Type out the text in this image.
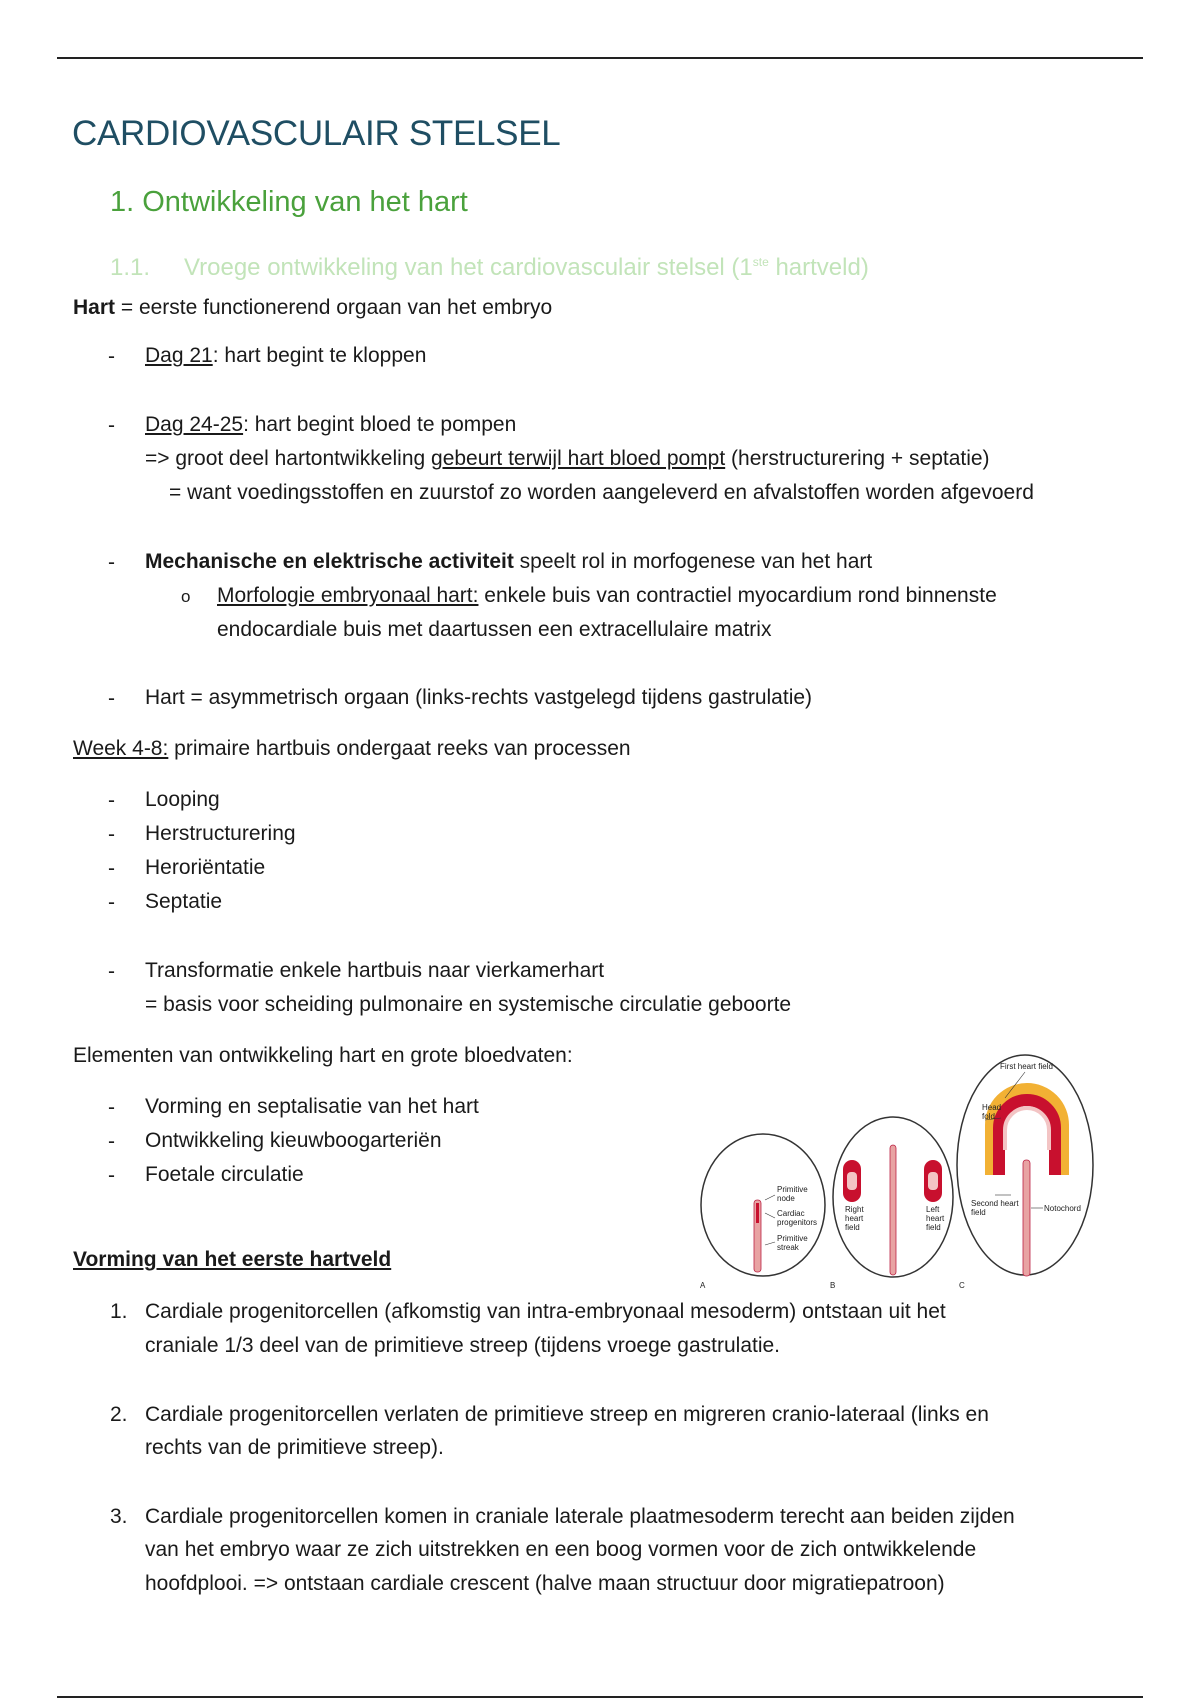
CARDIOVASCULAIR STELSEL
1. Ontwikkeling van het hart
1.1. Vroege ontwikkeling van het cardiovasculair stelsel (1ste hartveld)
Hart = eerste functionerend orgaan van het embryo
- Dag 21: hart begint te kloppen
- Dag 24-25: hart begint bloed te pompen
=> groot deel hartontwikkeling gebeurt terwijl hart bloed pompt (herstructurering + septatie)
= want voedingsstoffen en zuurstof zo worden aangeleverd en afvalstoffen worden afgevoerd
- Mechanische en elektrische activiteit speelt rol in morfogenese van het hart
o Morfologie embryonaal hart: enkele buis van contractiel myocardium rond binnenste
endocardiale buis met daartussen een extracellulaire matrix
- Hart = asymmetrisch orgaan (links-rechts vastgelegd tijdens gastrulatie)
Week 4-8: primaire hartbuis ondergaat reeks van processen
- Looping
- Herstructurering
- Heroriëntatie
- Septatie
- Transformatie enkele hartbuis naar vierkamerhart
= basis voor scheiding pulmonaire en systemische circulatie geboorte
Elementen van ontwikkeling hart en grote bloedvaten:
- Vorming en septalisatie van het hart
- Ontwikkeling kieuwboogarteriën
- Foetale circulatie
Vorming van het eerste hartveld
Primitive node
Cardiac progenitors
Primitive streak
A
Right heart field
Left heart field
B
First heart field
Head fold
Second heart field	Notochord
C
1. Cardiale progenitorcellen (afkomstig van intra-embryonaal mesoderm) ontstaan uit het
craniale 1/3 deel van de primitieve streep (tijdens vroege gastrulatie.
2. Cardiale progenitorcellen verlaten de primitieve streep en migreren cranio-lateraal (links en
rechts van de primitieve streep).
3. Cardiale progenitorcellen komen in craniale laterale plaatmesoderm terecht aan beiden zijden
van het embryo waar ze zich uitstrekken en een boog vormen voor de zich ontwikkelende
hoofdplooi. => ontstaan cardiale crescent (halve maan structuur door migratiepatroon)
